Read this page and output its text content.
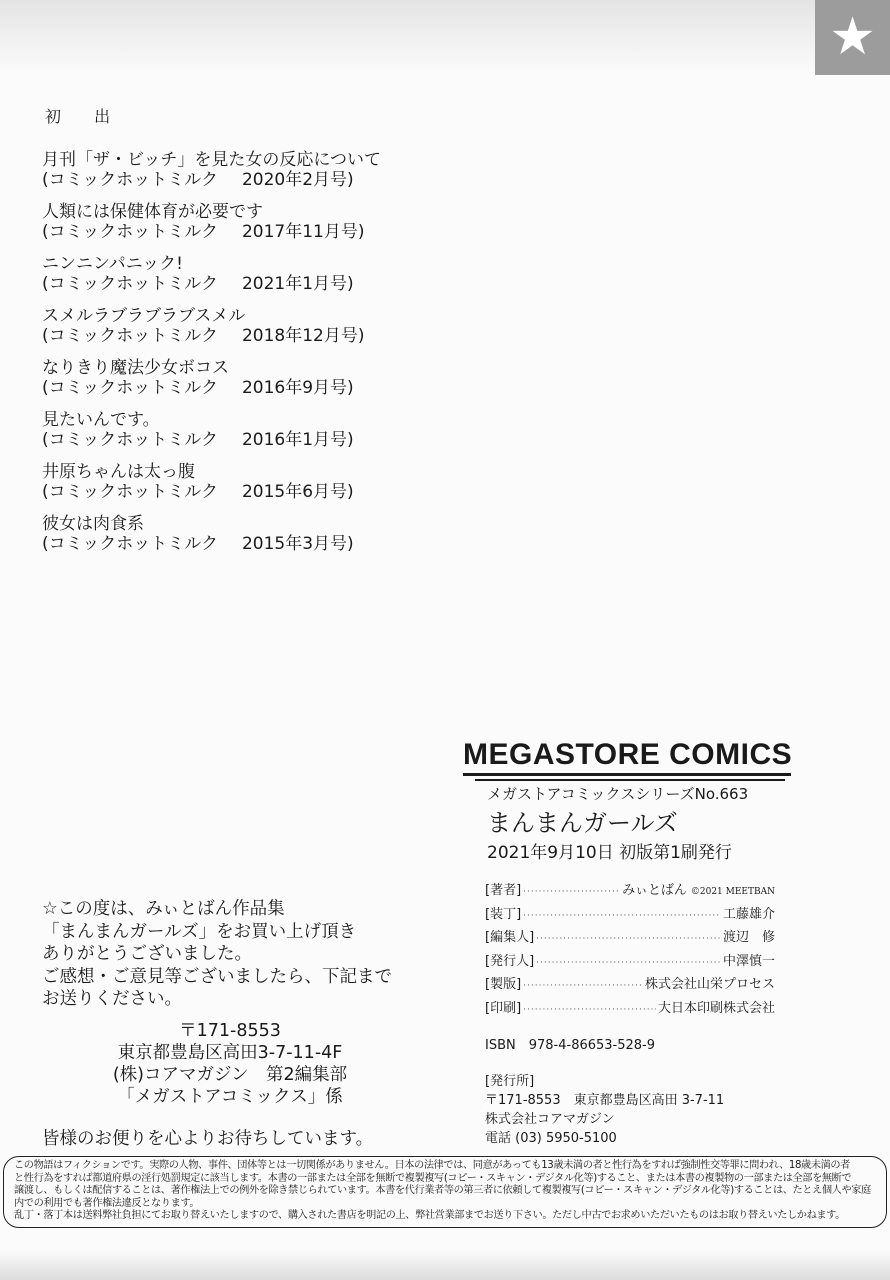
★
初 出
月刊「ザ・ビッチ」を見た女の反応について
(コミックホットミルク 2020年2月号)
人類には保健体育が必要です
(コミックホットミルク 2017年11月号)
ニンニンパニック!
(コミックホットミルク 2021年1月号)
スメルラブラブラブスメル
(コミックホットミルク 2018年12月号)
なりきり魔法少女ボコス
(コミックホットミルク 2016年9月号)
見たいんです。
(コミックホットミルク 2016年1月号)
井原ちゃんは太っ腹
(コミックホットミルク 2015年6月号)
彼女は肉食系
(コミックホットミルク 2015年3月号)
MEGASTORE COMICS
メガストアコミックスシリーズNo.663
まんまんガールズ
2021年9月10日 初版第1刷発行
[著者] ·····	みぃとばん ©2021 MEETBAN
[装丁] ·····	工藤雄介
[編集人] ·····	渡辺　修
[発行人] ·····	中澤慎一
[製版] ·····	株式会社山栄プロセス
[印刷] ·····	大日本印刷株式会社
ISBN　978-4-86653-528-9
[発行所]
〒171-8553　東京都豊島区高田 3-7-11
株式会社コアマガジン
電話 (03) 5950-5100
☆この度は、みぃとばん作品集
「まんまんガールズ」をお買い上げ頂き
ありがとうございました。
ご感想・ご意見等ございましたら、下記まで
お送りください。
〒171-8553
東京都豊島区高田3-7-11-4F
(株)コアマガジン　第2編集部
「メガストアコミックス」係
皆様のお便りを心よりお待ちしています。
この物語はフィクションです。実際の人物、事件、団体等とは一切関係がありません。日本の法律では、同意があっても13歳未満の者と性行為をすれば強制性交等罪に問われ、18歳未満の者
と性行為をすれば都道府県の淫行処罰規定に該当します。本書の一部または全部を無断で複製複写(コピー・スキャン・デジタル化等)すること、または本書の複製物の一部または全部を無断で
譲渡し、もしくは配信することは、著作権法上での例外を除き禁じられています。本書を代行業者等の第三者に依頼して複製複写(コピー・スキャン・デジタル化等)することは、たとえ個人や家庭
内での利用でも著作権法違反となります。
乱丁・落丁本は送料弊社負担にてお取り替えいたしますので、購入された書店を明記の上、弊社営業部までお送り下さい。ただし中古でお求めいただいたものはお取り替えいたしかねます。
